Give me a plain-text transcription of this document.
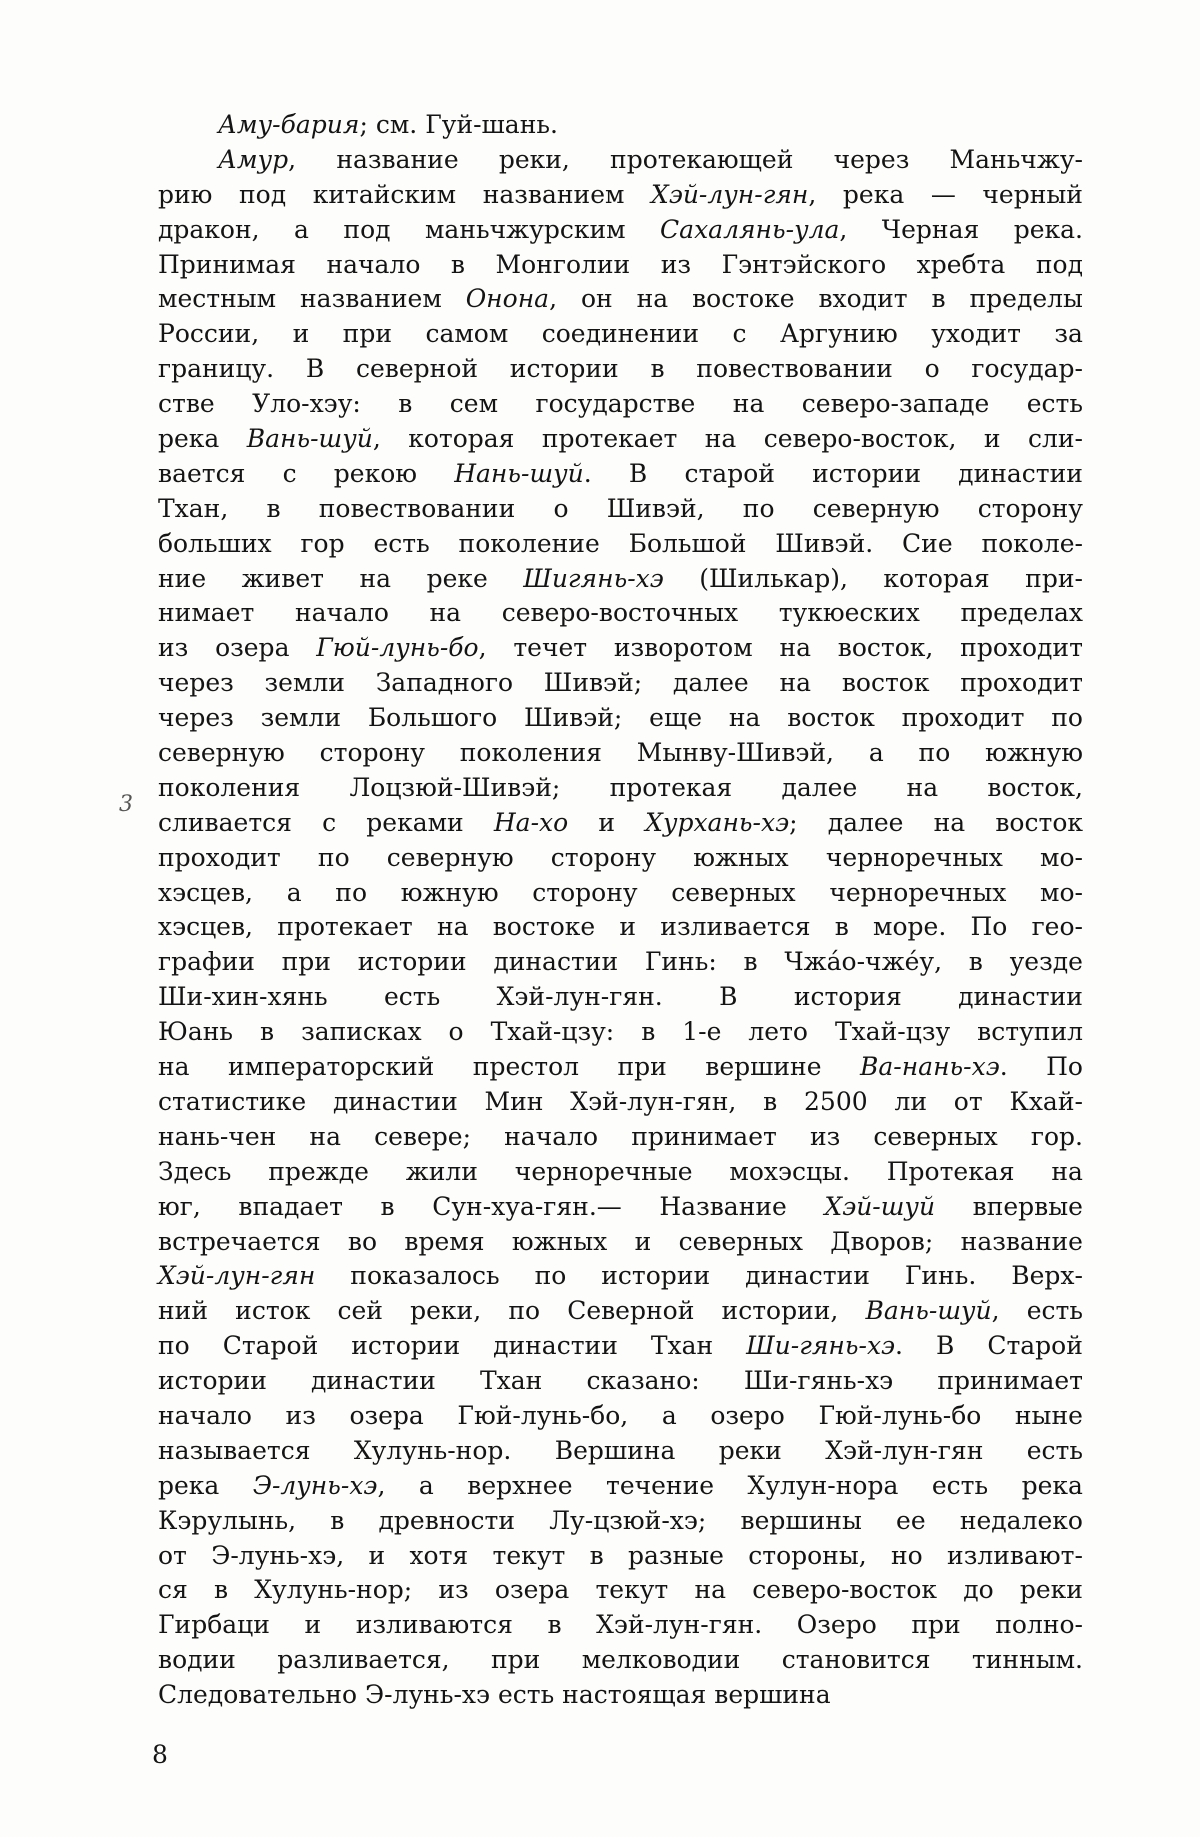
Аму-бария; см. Гуй-шань.
Амур, название реки, протекающей через Маньчжу-
рию под китайским названием Хэй-лун-гян, река — черный
дракон, а под маньчжурским Сахалянь-ула, Черная река.
Принимая начало в Монголии из Гэнтэйского хребта под
местным названием Онона, он на востоке входит в пределы
России, и при самом соединении с Аргунию уходит за
границу. В северной истории в повествовании о государ-
стве Уло-хэу: в сем государстве на северо-западе есть
река Вань-шуй, которая протекает на северо-восток, и сли-
вается с рекою Нань-шуй. В старой истории династии
Тхан, в повествовании о Шивэй, по северную сторону
больших гор есть поколение Большой Шивэй. Сие поколе-
ние живет на реке Шигянь-хэ (Шилькар), которая при-
нимает начало на северо-восточных тукюеских пределах
из озера Гюй-лунь-бо, течет изворотом на восток, проходит
через земли Западного Шивэй; далее на восток проходит
через земли Большого Шивэй; еще на восток проходит по
северную сторону поколения Мынву-Шивэй, а по южную
поколения Лоцзюй-Шивэй; протекая далее на восток,
сливается с реками На-хо и Хурхань-хэ; далее на восток
проходит по северную сторону южных черноречных мо-
хэсцев, а по южную сторону северных черноречных мо-
хэсцев, протекает на востоке и изливается в море. По гео-
графии при истории династии Гинь: в Чжáо-чжéу, в уезде
Ши-хин-хянь есть Хэй-лун-гян. В история династии
Юань в записках о Тхай-цзу: в 1-е лето Тхай-цзу вступил
на императорский престол при вершине Ва-нань-хэ. По
статистике династии Мин Хэй-лун-гян, в 2500 ли от Кхай-
нань-чен на севере; начало принимает из северных гор.
Здесь прежде жили черноречные мохэсцы. Протекая на
юг, впадает в Сун-хуа-гян.— Название Хэй-шуй впервые
встречается во время южных и северных Дворов; название
Хэй-лун-гян показалось по истории династии Гинь. Верх-
ний исток сей реки, по Северной истории, Вань-шуй, есть
по Старой истории династии Тхан Ши-гянь-хэ. В Старой
истории династии Тхан сказано: Ши-гянь-хэ принимает
начало из озера Гюй-лунь-бо, а озеро Гюй-лунь-бо ныне
называется Хулунь-нор. Вершина реки Хэй-лун-гян есть
река Э-лунь-хэ, а верхнее течение Хулун-нора есть река
Кэрулынь, в древности Лу-цзюй-хэ; вершины ее недалеко
от Э-лунь-хэ, и хотя текут в разные стороны, но изливают-
ся в Хулунь-нор; из озера текут на северо-восток до реки
Гирбаци и изливаются в Хэй-лун-гян. Озеро при полно-
водии разливается, при мелководии становится тинным.
Следовательно Э-лунь-хэ есть настоящая вершина
3
8
